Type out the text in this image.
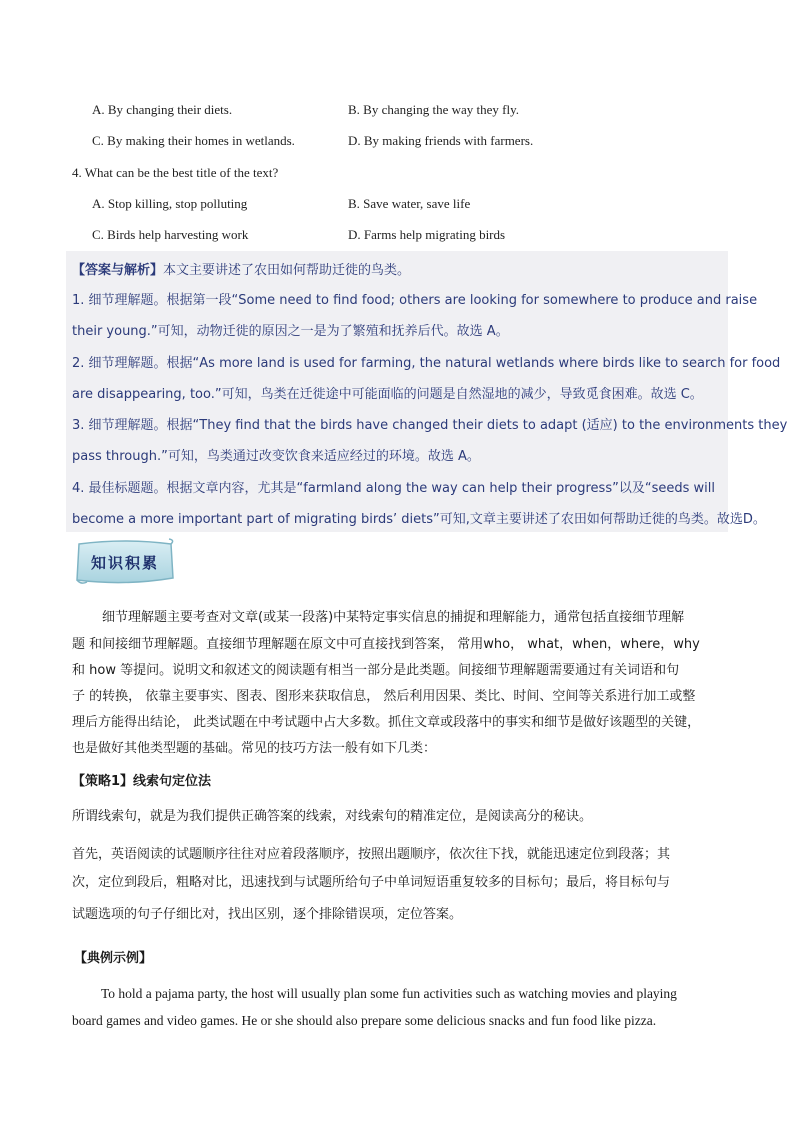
A. By changing their diets.	B. By changing the way they fly.
C. By making their homes in wetlands.	D. By making friends with farmers.
4. What can be the best title of the text?
A. Stop killing, stop polluting	B. Save water, save life
C. Birds help harvesting work	D. Farms help migrating birds
【答案与解析】本文主要讲述了农田如何帮助迁徙的鸟类。
1. 细节理解题。根据第一段“Some need to find food; others are looking for somewhere to produce and raise
their young.”可知，动物迁徙的原因之一是为了繁殖和抚养后代。故选 A。
2. 细节理解题。根据“As more land is used for farming, the natural wetlands where birds like to search for food
are disappearing, too.”可知，鸟类在迁徙途中可能面临的问题是自然湿地的减少，导致觅食困难。故选 C。
3. 细节理解题。根据“They find that the birds have changed their diets to adapt (适应) to the environments they
pass through.”可知，鸟类通过改变饮食来适应经过的环境。故选 A。
4. 最佳标题题。根据文章内容，尤其是“farmland along the way can help their progress”以及“seeds will
become a more important part of migrating birds’ diets”可知,文章主要讲述了农田如何帮助迁徙的鸟类。故选D。
知识积累
细节理解题主要考查对文章(或某一段落)中某特定事实信息的捕捉和理解能力，通常包括直接细节理解
题 和间接细节理解题。直接细节理解题在原文中可直接找到答案， 常用who， what，when，where，why
和 how 等提问。说明文和叙述文的阅读题有相当一部分是此类题。间接细节理解题需要通过有关词语和句
子 的转换， 依靠主要事实、图表、图形来获取信息， 然后利用因果、类比、时间、空间等关系进行加工或整
理后方能得出结论， 此类试题在中考试题中占大多数。抓住文章或段落中的事实和细节是做好该题型的关键，
也是做好其他类型题的基础。常见的技巧方法一般有如下几类：
【策略1】线索句定位法
所谓线索句，就是为我们提供正确答案的线索，对线索句的精准定位，是阅读高分的秘诀。
首先，英语阅读的试题顺序往往对应着段落顺序，按照出题顺序，依次往下找，就能迅速定位到段落；其
次，定位到段后，粗略对比，迅速找到与试题所给句子中单词短语重复较多的目标句；最后，将目标句与
试题选项的句子仔细比对，找出区别，逐个排除错误项，定位答案。
【典例示例】
To hold a pajama party, the host will usually plan some fun activities such as watching movies and playing
board games and video games. He or she should also prepare some delicious snacks and fun food like pizza.
